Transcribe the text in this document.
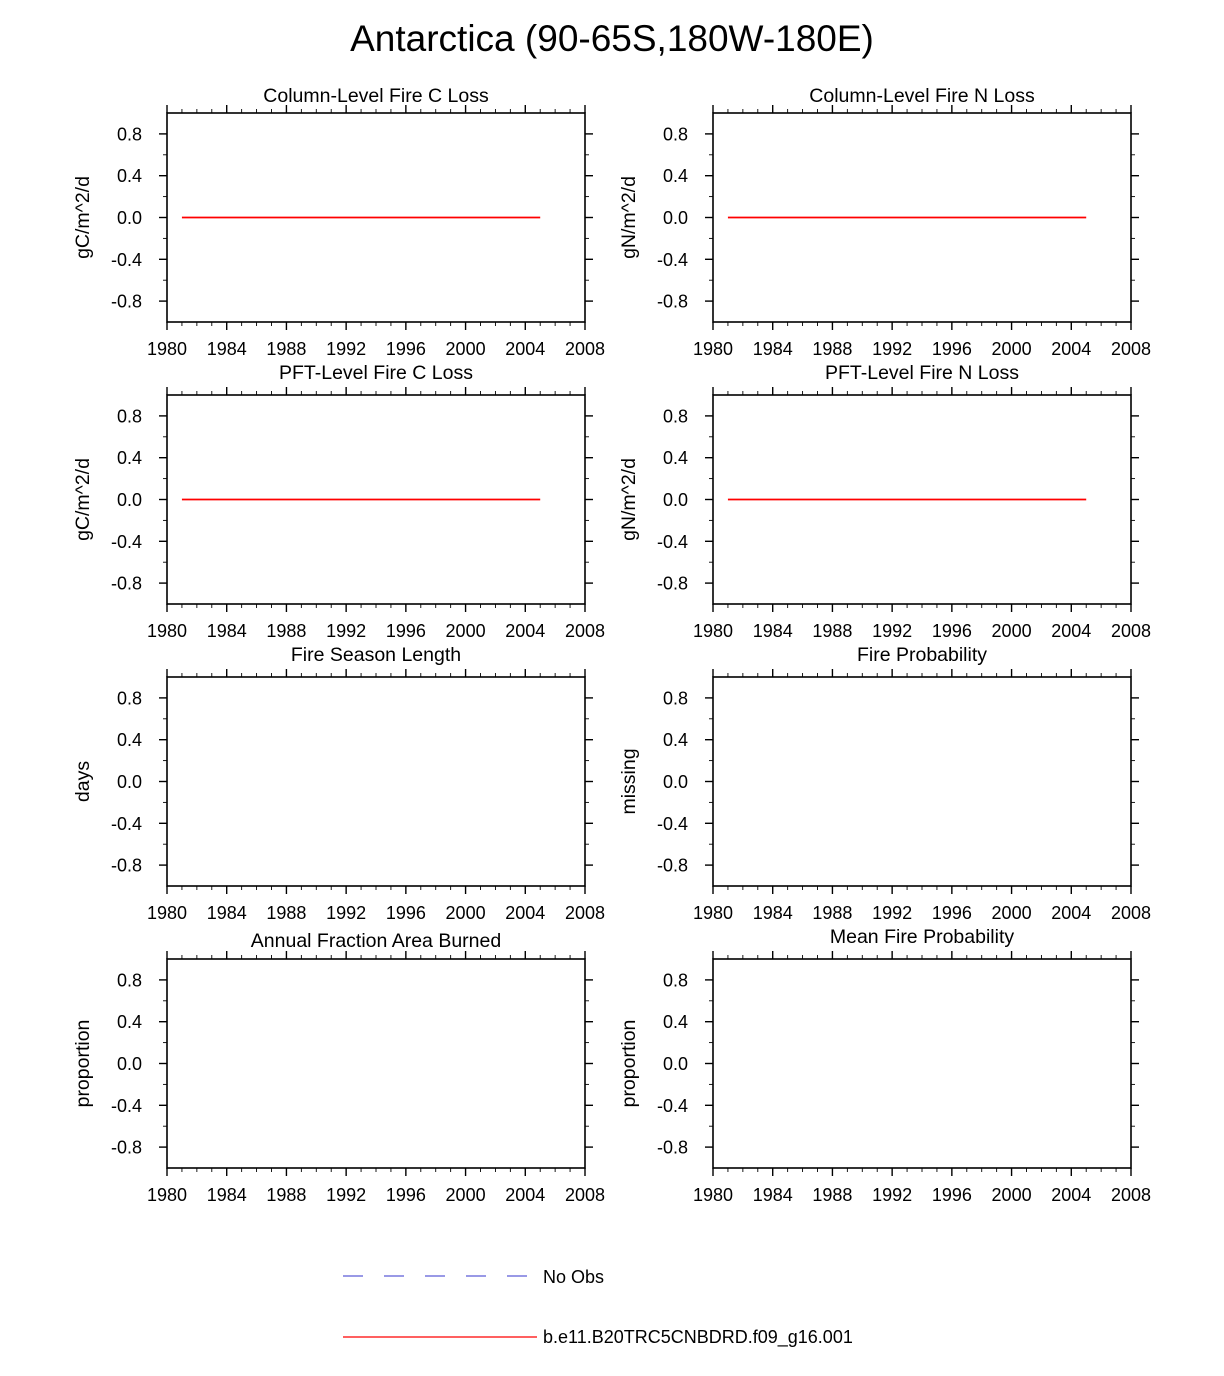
Antarctica (90-65S,180W-180E)
Column-Level Fire C Loss
gC/m^2/d
1980 1984 1988 1992 1996 2000 2004 2008
0.8
0.4
0.0
-0.4
-0.8
Column-Level Fire N Loss
gN/m^2/d
1980 1984 1988 1992 1996 2000 2004 2008
0.8
0.4
0.0
-0.4
-0.8
PFT-Level Fire C Loss
gC/m^2/d
1980 1984 1988 1992 1996 2000 2004 2008
0.8
0.4
0.0
-0.4
-0.8
PFT-Level Fire N Loss
gN/m^2/d
1980 1984 1988 1992 1996 2000 2004 2008
0.8
0.4
0.0
-0.4
-0.8
Fire Season Length
days
1980 1984 1988 1992 1996 2000 2004 2008
0.8
0.4
0.0
-0.4
-0.8
Fire Probability
missing
1980 1984 1988 1992 1996 2000 2004 2008
0.8
0.4
0.0
-0.4
-0.8
Annual Fraction Area Burned
proportion
1980 1984 1988 1992 1996 2000 2004 2008
0.8
0.4
0.0
-0.4
-0.8
Mean Fire Probability
proportion
1980 1984 1988 1992 1996 2000 2004 2008
0.8
0.4
0.0
-0.4
-0.8
No Obs
b.e11.B20TRC5CNBDRD.f09_g16.001
